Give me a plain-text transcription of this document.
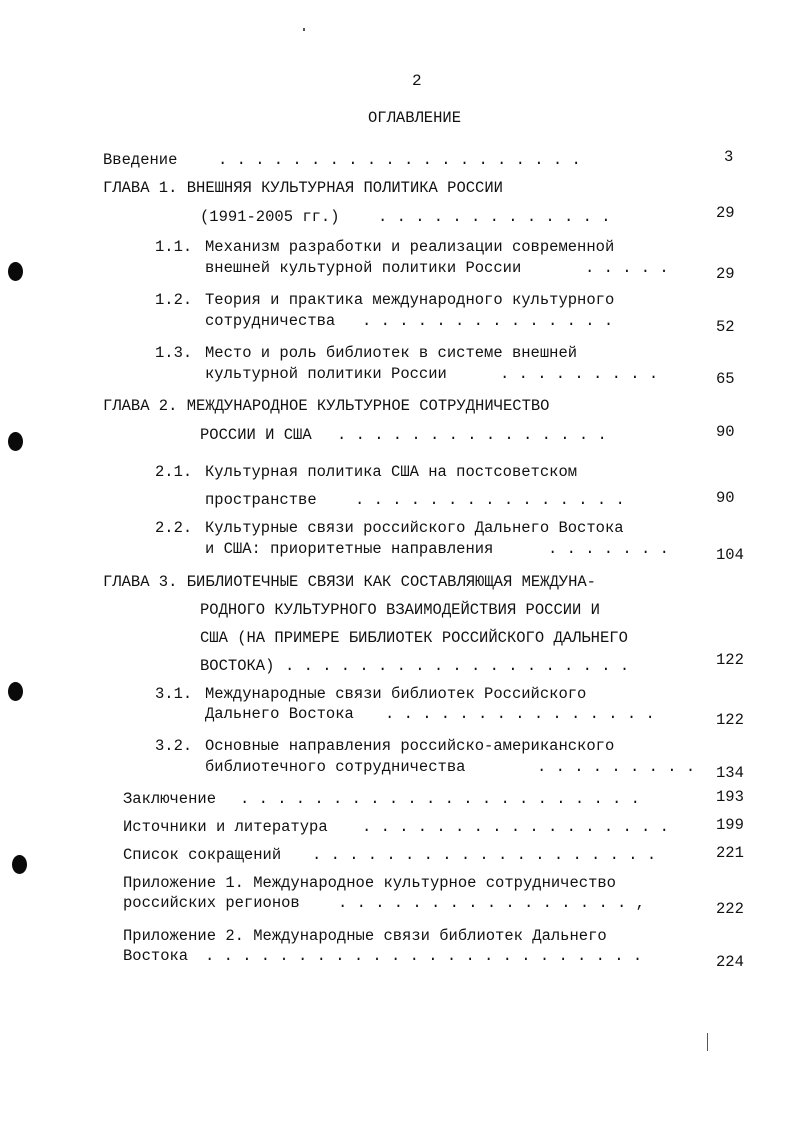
2
ОГЛАВЛЕНИЕ
Введение	. . . . . . . . . . . . . . . . . . . .	3
ГЛАВА 1. ВНЕШНЯЯ КУЛЬТУРНАЯ ПОЛИТИКА РОССИИ
(1991-2005 гг.) . . . . . . . . . . . . .	29
1.1. Механизм разработки и реализации современной
внешней культурной политики России	. . . . .	29
1.2. Теория и практика международного культурного
сотрудничества . . . . . . . . . . . . . .	52
1.3. Место и роль библиотек в системе внешней
культурной политики России	. . . . . . . . .	65
ГЛАВА 2. МЕЖДУНАРОДНОЕ КУЛЬТУРНОЕ СОТРУДНИЧЕСТВО
РОССИИ И США . . . . . . . . . . . . . . .	90
2.1. Культурная политика США на постсоветском
пространстве . . . . . . . . . . . . . . .	90
2.2. Культурные связи российского Дальнего Востока
и США: приоритетные направления	. . . . . . .	104
ГЛАВА 3. БИБЛИОТЕЧНЫЕ СВЯЗИ КАК СОСТАВЛЯЮЩАЯ МЕЖДУНА-
РОДНОГО КУЛЬТУРНОГО ВЗАИМОДЕЙСТВИЯ РОССИИ И
США (НА ПРИМЕРЕ БИБЛИОТЕК РОССИЙСКОГО ДАЛЬНЕГО
ВОСТОКА) . . . . . . . . . . . . . . . . . . .	122
3.1. Международные связи библиотек Российского
Дальнего Востока . . . . . . . . . . . . . . .	122
3.2. Основные направления российско-американского
библиотечного сотрудничества	. . . . . . . . . 134
Заключение . . . . . . . . . . . . . . . . . . . . . .	193
Источники и литература . . . . . . . . . . . . . . . . .	199
Список сокращений . . . . . . . . . . . . . . . . . . .	221
Приложение 1. Международное культурное сотрудничество
российских регионов . . . . . . . . . . . . . . . . ,	222
Приложение 2. Международные связи библиотек Дальнего
Востока . . . . . . . . . . . . . . . . . . . . . . . .	224
